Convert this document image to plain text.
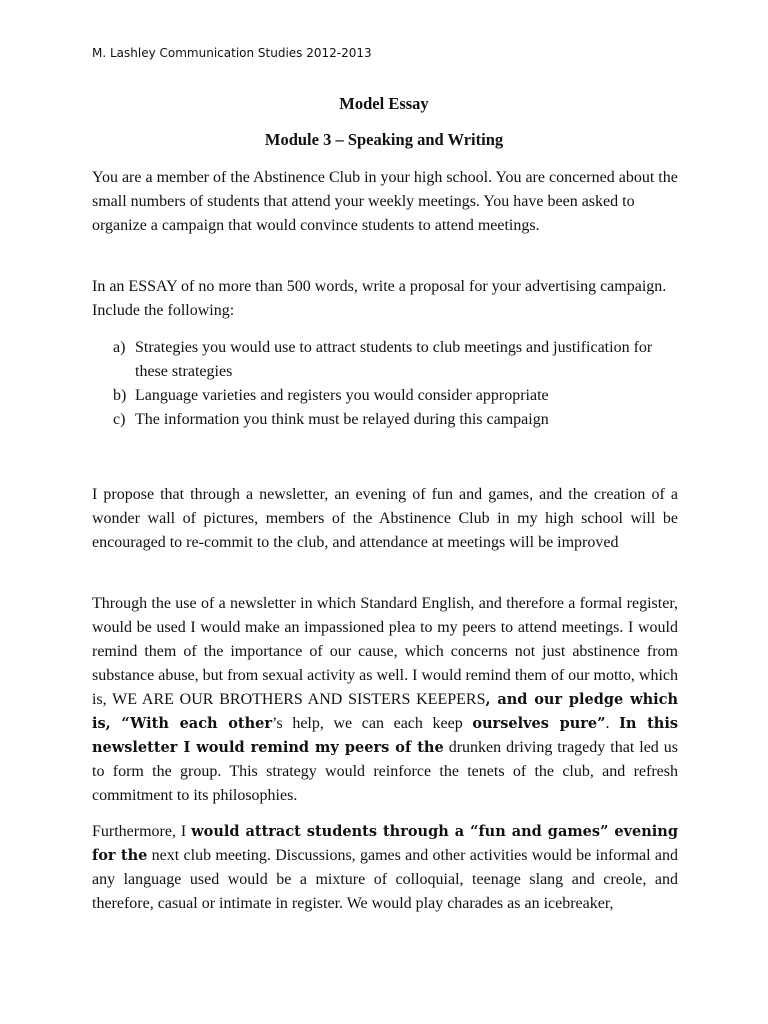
M. Lashley Communication Studies 2012-2013
Model Essay
Module 3 – Speaking and Writing

You are a member of the Abstinence Club in your high school. You are concerned about the small numbers of students that attend your weekly meetings. You have been asked to organize a campaign that would convince students to attend meetings.

In an ESSAY of no more than 500 words, write a proposal for your advertising campaign. Include the following:

a) Strategies you would use to attract students to club meetings and justification for these strategies
b) Language varieties and registers you would consider appropriate
c) The information you think must be relayed during this campaign

I propose that through a newsletter, an evening of fun and games, and the creation of a wonder wall of pictures, members of the Abstinence Club in my high school will be encouraged to re-commit to the club, and attendance at meetings will be improved

Through the use of a newsletter in which Standard English, and therefore a formal register, would be used I would make an impassioned plea to my peers to attend meetings. I would remind them of the importance of our cause, which concerns not just abstinence from substance abuse, but from sexual activity as well. I would remind them of our motto, which is, WE ARE OUR BROTHERS AND SISTERS KEEPERS, and our pledge which is, “With each other’s help, we can each keep ourselves pure”. In this newsletter I would remind my peers of the drunken driving tragedy that led us to form the group. This strategy would reinforce the tenets of the club, and refresh commitment to its philosophies.

Furthermore, I would attract students through a “fun and games” evening for the next club meeting. Discussions, games and other activities would be informal and any language used would be a mixture of colloquial, teenage slang and creole, and therefore, casual or intimate in register. We would play charades as an icebreaker,
